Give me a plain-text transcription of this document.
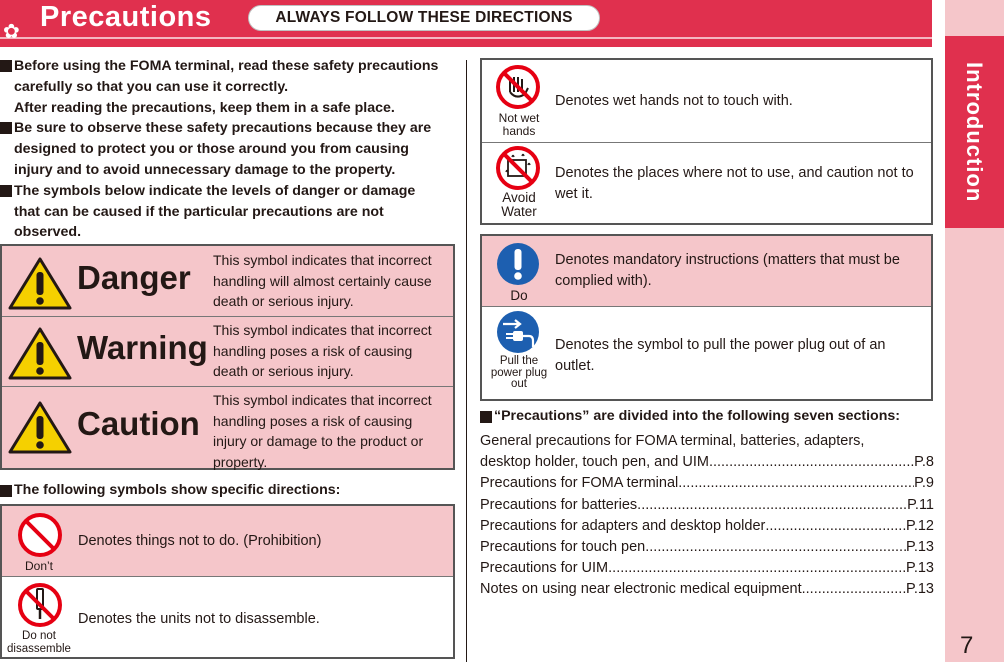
✿ Precautions	ALWAYS FOLLOW THESE DIRECTIONS
Introduction
7
Before using the FOMA terminal, read these safety precautions
carefully so that you can use it correctly.
After reading the precautions, keep them in a safe place.
Be sure to observe these safety precautions because they are
designed to protect you or those around you from causing
injury and to avoid unnecessary damage to the property.
The symbols below indicate the levels of danger or damage
that can be caused if the particular precautions are not
observed.
Danger This symbol indicates that incorrect handling will almost certainly cause death or serious injury.
Warning This symbol indicates that incorrect handling poses a risk of causing death or serious injury.
Caution
This symbol indicates that incorrect handling poses a risk of causing injury or damage to the product or property.
The following symbols show specific directions:
Don’t
Denotes things not to do. (Prohibition)
Do not
disassemble
Denotes the units not to disassemble.
Not wet
hands
Denotes wet hands not to touch with.
Avoid
Water
Denotes the places where not to use, and caution not to wet it.
Do
Denotes mandatory instructions (matters that must be complied with).
Pull the
power plug
out
Denotes the symbol to pull the power plug out of an outlet.
“Precautions” are divided into the following seven sections:
General precautions for FOMA terminal, batteries, adapters,
desktop holder, touch pen, and UIM .....	P.8
Precautions for FOMA terminal .....	P.9
Precautions for batteries .....	P.11
Precautions for adapters and desktop holder .....	P.12
Precautions for touch pen .....	P.13
Precautions for UIM .....	P.13
Notes on using near electronic medical equipment .....	P.13
